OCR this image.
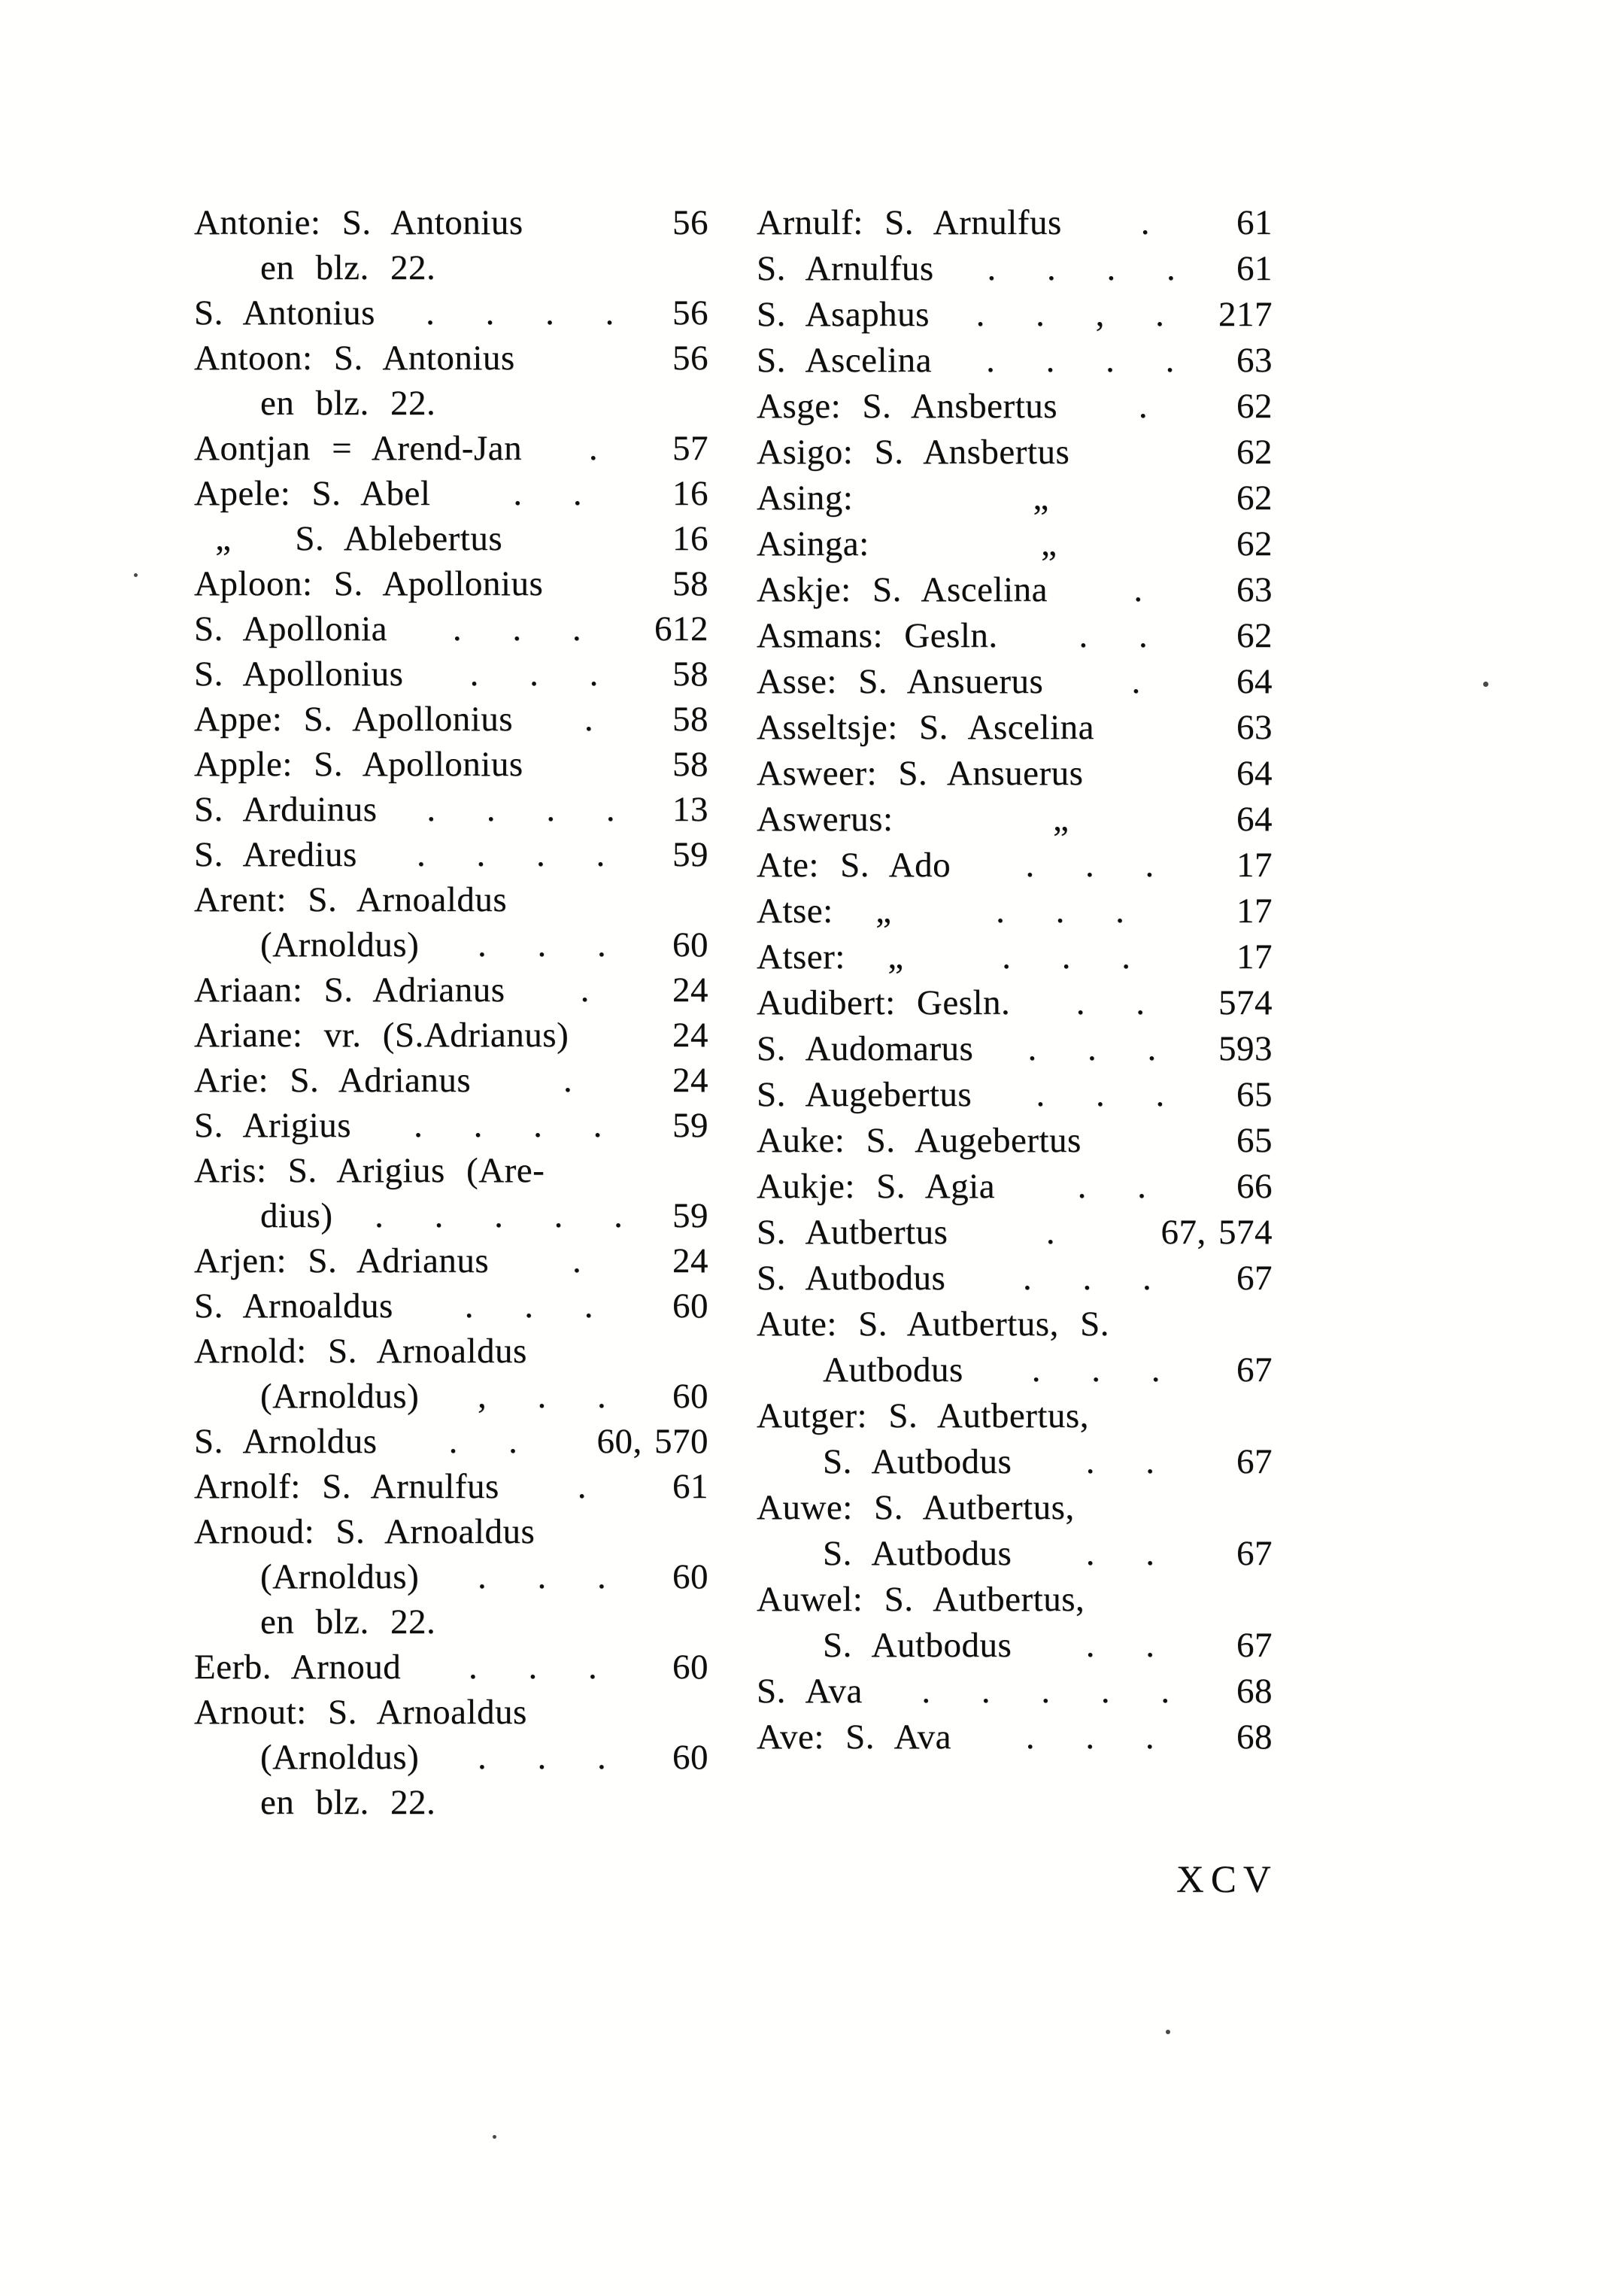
Antonie: S. Antonius	56
en blz. 22.
S. Antonius	. . . .	56
Antoon: S. Antonius	56
en blz. 22.
Aontjan = Arend-Jan	.	57
Apele: S. Abel	. .	16
„   S. Ablebertus	16
Aploon: S. Apollonius	58
S. Apollonia	. . .	612
S. Apollonius	. . .	58
Appe: S. Apollonius	.	58
Apple: S. Apollonius	58
S. Arduinus	. . . .	13
S. Aredius	. . . .	59
Arent: S. Arnoaldus
(Arnoldus)	. . .	60
Ariaan: S. Adrianus	.	24
Ariane: vr. (S.Adrianus)	24
Arie: S. Adrianus	.	24
S. Arigius	. . . .	59
Aris: S. Arigius (Are-
dius)	. . . . .	59
Arjen: S. Adrianus	.	24
S. Arnoaldus	. . .	60
Arnold: S. Arnoaldus
(Arnoldus)	, . .	60
S. Arnoldus	. .	60, 570
Arnolf: S. Arnulfus	.	61
Arnoud: S. Arnoaldus
(Arnoldus)	. . .	60
en blz. 22.
Eerb. Arnoud	. . .	60
Arnout: S. Arnoaldus
(Arnoldus)	. . .	60
en blz. 22.
Arnulf: S. Arnulfus	.	61
S. Arnulfus	. . . .	61
S. Asaphus	. . , .	217
S. Ascelina	. . . .	63
Asge: S. Ansbertus	.	62
Asigo: S. Ansbertus	62
Asing:	„	62
Asinga:	„	62
Askje: S. Ascelina	.	63
Asmans: Gesln.	. .	62
Asse: S. Ansuerus	.	64
Asseltsje: S. Ascelina	63
Asweer: S. Ansuerus	64
Aswerus:	„	64
Ate: S. Ado	. . .	17
Atse:  „	. . .	17
Atser:  „	. . .	17
Audibert: Gesln.	. .	574
S. Audomarus	. . .	593
S. Augebertus	. . .	65
Auke: S. Augebertus	65
Aukje: S. Agia	. .	66
S. Autbertus	.	67, 574
S. Autbodus	. . .	67
Aute: S. Autbertus, S.
Autbodus	. . .	67
Autger: S. Autbertus,
S. Autbodus	. .	67
Auwe: S. Autbertus,
S. Autbodus	. .	67
Auwel: S. Autbertus,
S. Autbodus	. .	67
S. Ava	. . . . .	68
Ave: S. Ava	. . .	68
XCV
